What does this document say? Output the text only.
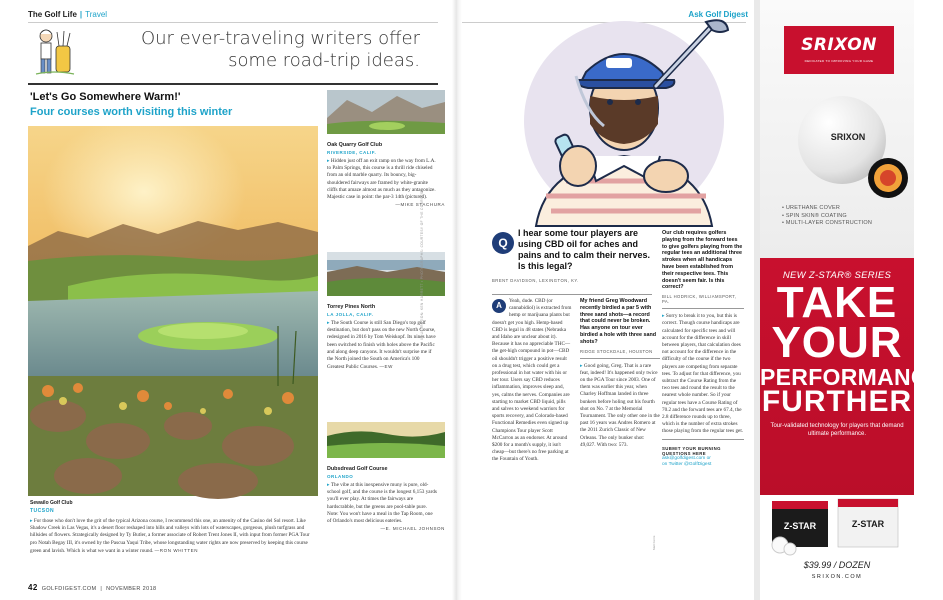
The Golf Life | Travel
Our ever-traveling writers offer some road-trip ideas.
'Let's Go Somewhere Warm!'
Four courses worth visiting this winter
Sewailo Golf Club
TUCSON
▸ For those who don't love the grit of the typical Arizona course, I recommend this one, an amenity of the Casino del Sol resort. Like Shadow Creek in Las Vegas, it's a desert floor reshaped into hills and valleys with lots of waterscapes, gorgeous, plush turfgrass and hillsides of flowers. Strategically designed by Ty Butler, a former associate of Robert Trent Jones II, with input from former PGA Tour pro Notah Begay III, it's owned by the Pascua Yaqui Tribe, whose longstanding water rights are now preserved by keeping this course green and lavish. Which is what we want in a winter round. —RON WHITTEN
Oak Quarry Golf Club
RIVERSIDE, CALIF.
▸ Hidden just off an exit ramp on the way from L.A. to Palm Springs, this course is a thrill ride chiseled from an old marble quarry. Its bouncy, big-shouldered fairways are framed by white-granite cliffs that amaze almost as much as they antagonize. Majestic case in point: the par-3 14th (pictured).
—MIKE STACHURA
Torrey Pines North
LA JOLLA, CALIF.
▸ The South Course is still San Diego's top golf destination, but don't pass on the new North Course, redesigned in 2016 by Tom Weiskopf. Its nines have been switched to finish with holes above the Pacific and along deep canyons. It wouldn't surprise me if the North joined the South on America's 100 Greatest Public Courses. —EW
Dubsdread Golf Course
ORLANDO
▸ The vibe at this inexpensive muny is pure, old-school golf, and the course is the longest 6,153 yards you'll ever play. At times the fairways are hardscrabble, but the greens are pool-table pure. Note: You won't have a meal in the Tap Room, one of Orlando's most delicious eateries.
—E. MICHAEL JOHNSON
ILLUSTRATION: KEN HARRETT • PHOTOGRAPHS: COURTESY OF THE COURSES
42 GOLFDIGEST.COM  |  NOVEMBER 2018
Ask Golf Digest
Q
I hear some tour players are using CBD oil for aches and pains and to calm their nerves. Is this legal?
BRENT DAVIDSON, LEXINGTON, KY.
A	Yeah, dude. CBD (or cannabidiol) is extracted from hemp or marijuana plants but doesn't get you high. Hemp-based CBD is legal in 48 states (Nebraska and Idaho are unclear about it). Because it has no appreciable THC—the get-high compound in pot—CBD oil shouldn't trigger a positive result on a drug test, which could get a professional in hot water with his or her tour. Users say CBD reduces inflammation, improves sleep and, yes, calms the nerves. Companies are starting to market CBD liquid, pills and salves to weekend warriors for sports recovery, and Colorado-based Functional Remedies even signed up Champions Tour player Scott McCarron as an endorser. At around $200 for a month's supply, it isn't cheap—but there's no free parking at the Fountain of Youth.
My friend Greg Woodward recently birdied a par 5 with three sand shots—a record that could never be broken. Has anyone on tour ever birdied a hole with three sand shots?
RIDGE STOCKDALE, HOUSTON
▸ Good going, Greg. That is a rare feat, indeed! It's happened only twice on the PGA Tour since 2003. One of them was earlier this year, when Charley Hoffman landed in three bunkers before holing out his fourth shot on No. 7 at the Memorial Tournament. The only other one in the past 16 years was Andres Romero at the 2011 Zurich Classic of New Orleans. The only bunker shot: 49,027. With two: 573.
Our club requires golfers playing from the forward tees to give golfers playing from the regular tees an additional three strokes when all handicaps have been established from their respective tees. This doesn't seem fair. Is this correct?
BILL HODRICK, WILLIAMSPORT, PA.
▸ Sorry to break it to you, but this is correct. Though course handicaps are calculated for specific tees and will account for the difference in skill between players, that calculation does not account for the difference in the difficulty of the course if the two players are competing from separate tees. To adjust for that difference, you subtract the Course Rating from the two tees and round the result to the nearest whole number. So if your regular tees have a Course Rating of 70.2 and the forward tees are 67.4, the 2.8 difference rounds up to three, which is the number of extra strokes those playing from the regular tees get.
SUBMIT YOUR BURNING QUESTIONS HERE
ask@golfdigest.com or
on Twitter @GolfDigest
Matt Ferris
SRIXON
DEDICATED TO IMPROVING YOUR GAME
SRIXON
• URETHANE COVER
• SPIN SKIN® COATING
• MULTI-LAYER CONSTRUCTION
NEW Z-STAR® SERIES
TAKE
YOUR
PERFORMANCE
FURTHER
Tour-validated technology for players that demand ultimate performance.
Z-STAR	Z-STAR
$39.99 / DOZEN
SRIXON.COM
